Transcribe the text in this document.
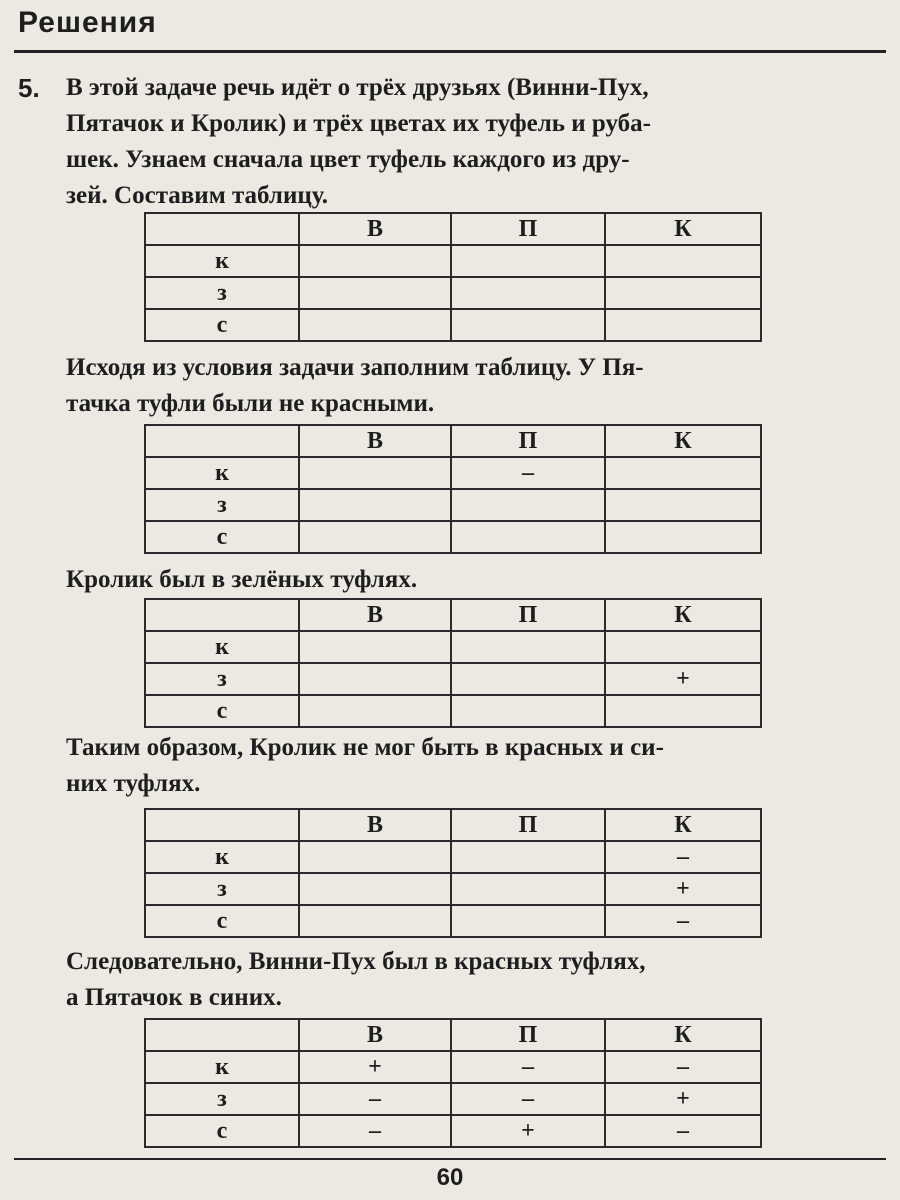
Решения
5. В этой задаче речь идёт о трёх друзьях (Винни-Пух,
Пятачок и Кролик) и трёх цветах их туфель и руба-
шек. Узнаем сначала цвет туфель каждого из дру-
зей. Составим таблицу.
	В	П	К
к			
з			
с			
Исходя из условия задачи заполним таблицу. У Пя-
тачка туфли были не красными.
	В	П	К
к		–	
з			
с			
Кролик был в зелёных туфлях.
	В	П	К
к			
з			+
с			
Таким образом, Кролик не мог быть в красных и си-
них туфлях.
	В	П	К
к			–
з			+
с			–
Следовательно, Винни-Пух был в красных туфлях,
а Пятачок в синих.
	В	П	К
к	+	–	–
з	–	–	+
с	–	+	–
60
